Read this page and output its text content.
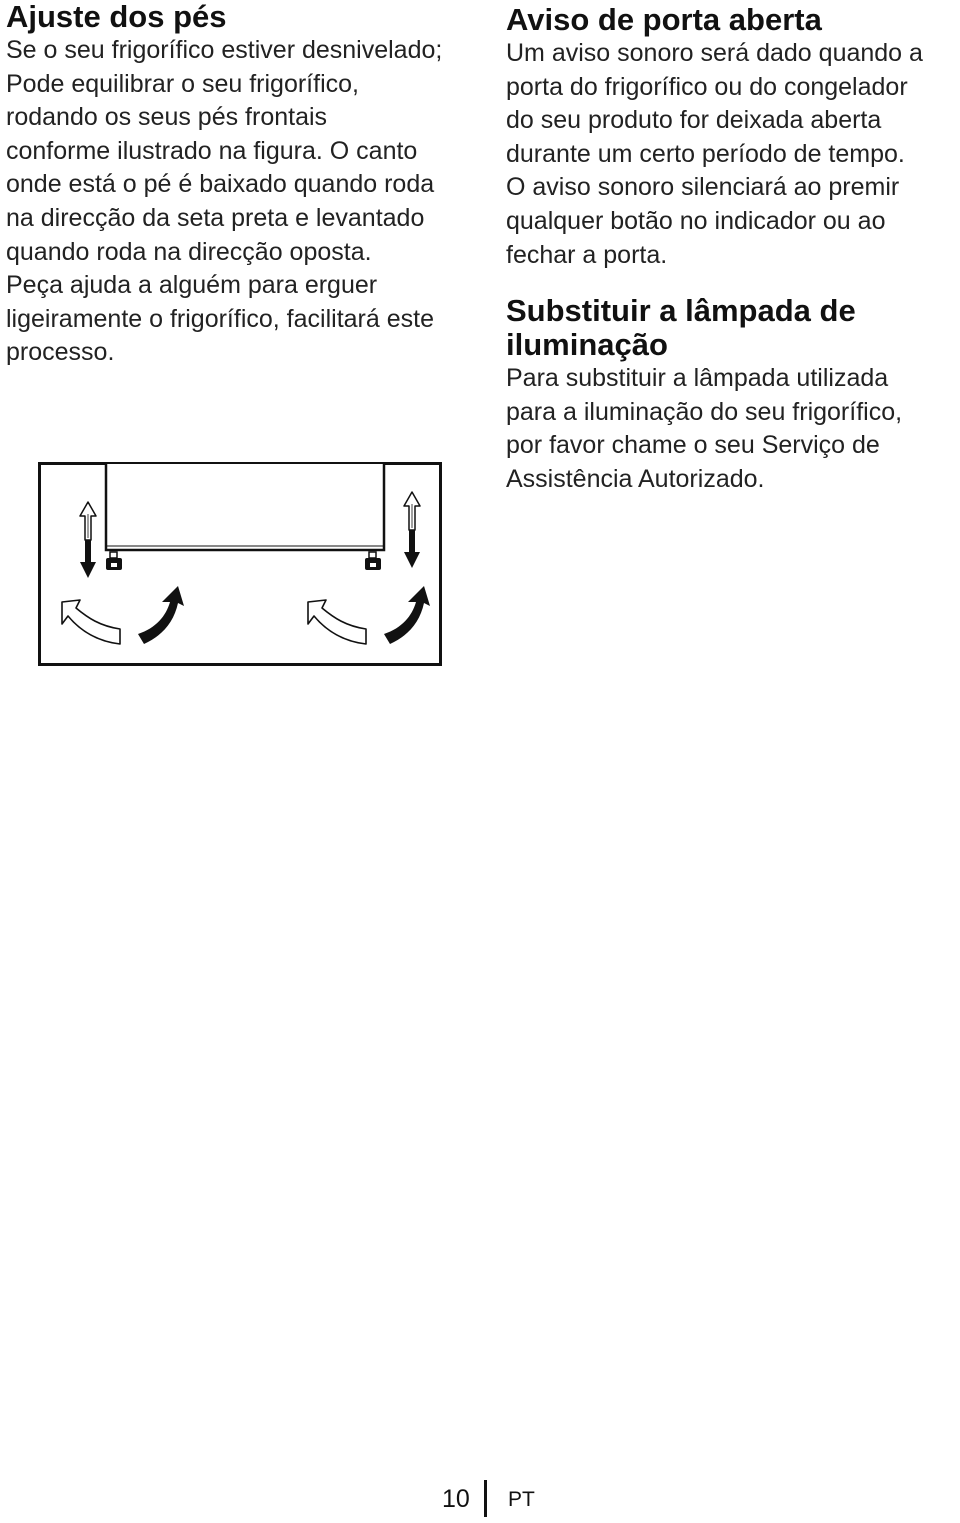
Ajuste dos pés
Se o seu frigorífico estiver desnivelado;
Pode equilibrar o seu frigorífico,
rodando os seus pés frontais
conforme ilustrado na figura. O canto
onde está o pé é baixado quando roda
na direcção da seta preta e levantado
quando roda na direcção oposta.
Peça ajuda a alguém para erguer
ligeiramente o frigorífico, facilitará este
processo.
Aviso de porta aberta
Um aviso sonoro será dado quando a
porta do frigorífico ou do congelador
do seu produto for deixada aberta
durante um certo período de tempo.
O aviso sonoro silenciará ao premir
qualquer botão no indicador ou ao
fechar a porta.
Substituir a lâmpada de
iluminação
Para substituir a lâmpada utilizada
para a iluminação do seu frigorífico,
por favor chame o seu Serviço de
Assistência Autorizado.
10 PT
